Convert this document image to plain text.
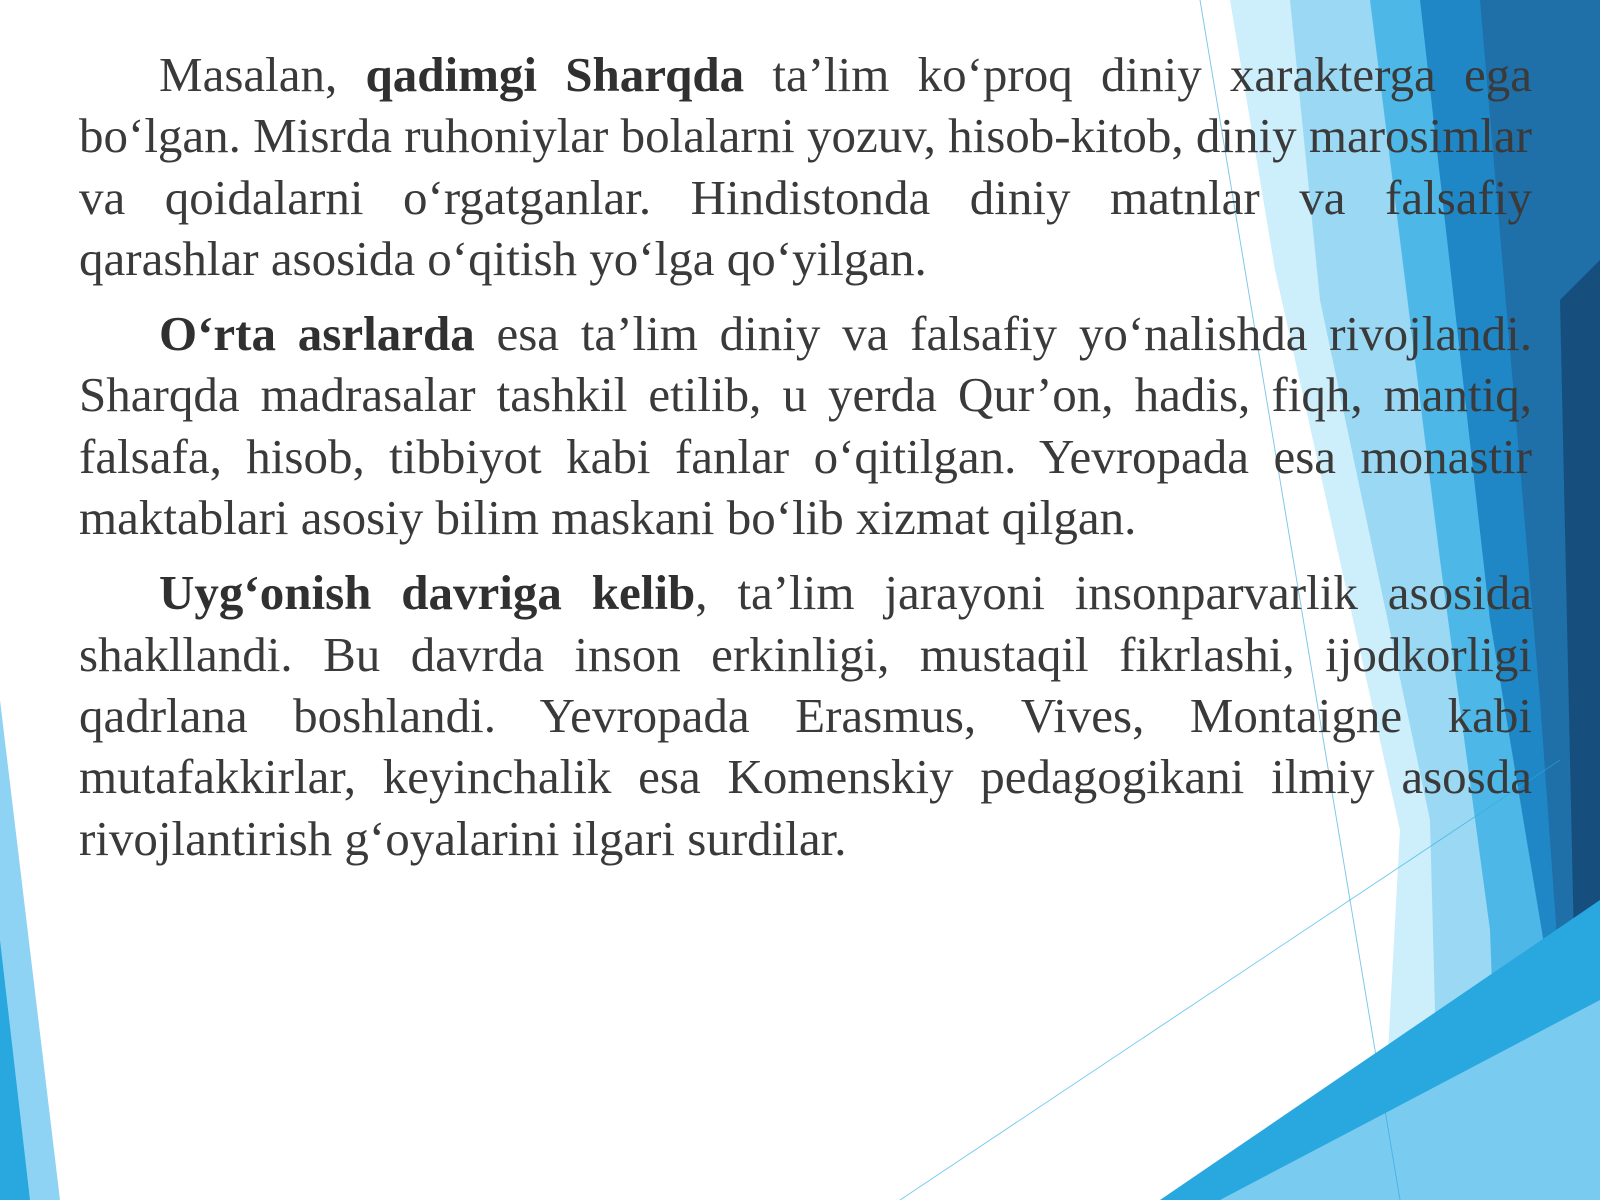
Masalan, qadimgi Sharqda ta’lim ko‘proq diniy xarakterga ega bo‘lgan. Misrda ruhoniylar bolalarni yozuv, hisob-kitob, diniy marosimlar va qoidalarni o‘rgatganlar. Hindistonda diniy matnlar va falsafiy qarashlar asosida o‘qitish yo‘lga qo‘yilgan.

O‘rta asrlarda esa ta’lim diniy va falsafiy yo‘nalishda rivojlandi. Sharqda madrasalar tashkil etilib, u yerda Qur’on, hadis, fiqh, mantiq, falsafa, hisob, tibbiyot kabi fanlar o‘qitilgan. Yevropada esa monastir maktablari asosiy bilim maskani bo‘lib xizmat qilgan.

Uyg‘onish davriga kelib, ta’lim jarayoni insonparvarlik asosida shakllandi. Bu davrda inson erkinligi, mustaqil fikrlashi, ijodkorligi qadrlana boshlandi. Yevropada Erasmus, Vives, Montaigne kabi mutafakkirlar, keyinchalik esa Komenskiy pedagogikani ilmiy asosda rivojlantirish g‘oyalarini ilgari surdilar.
